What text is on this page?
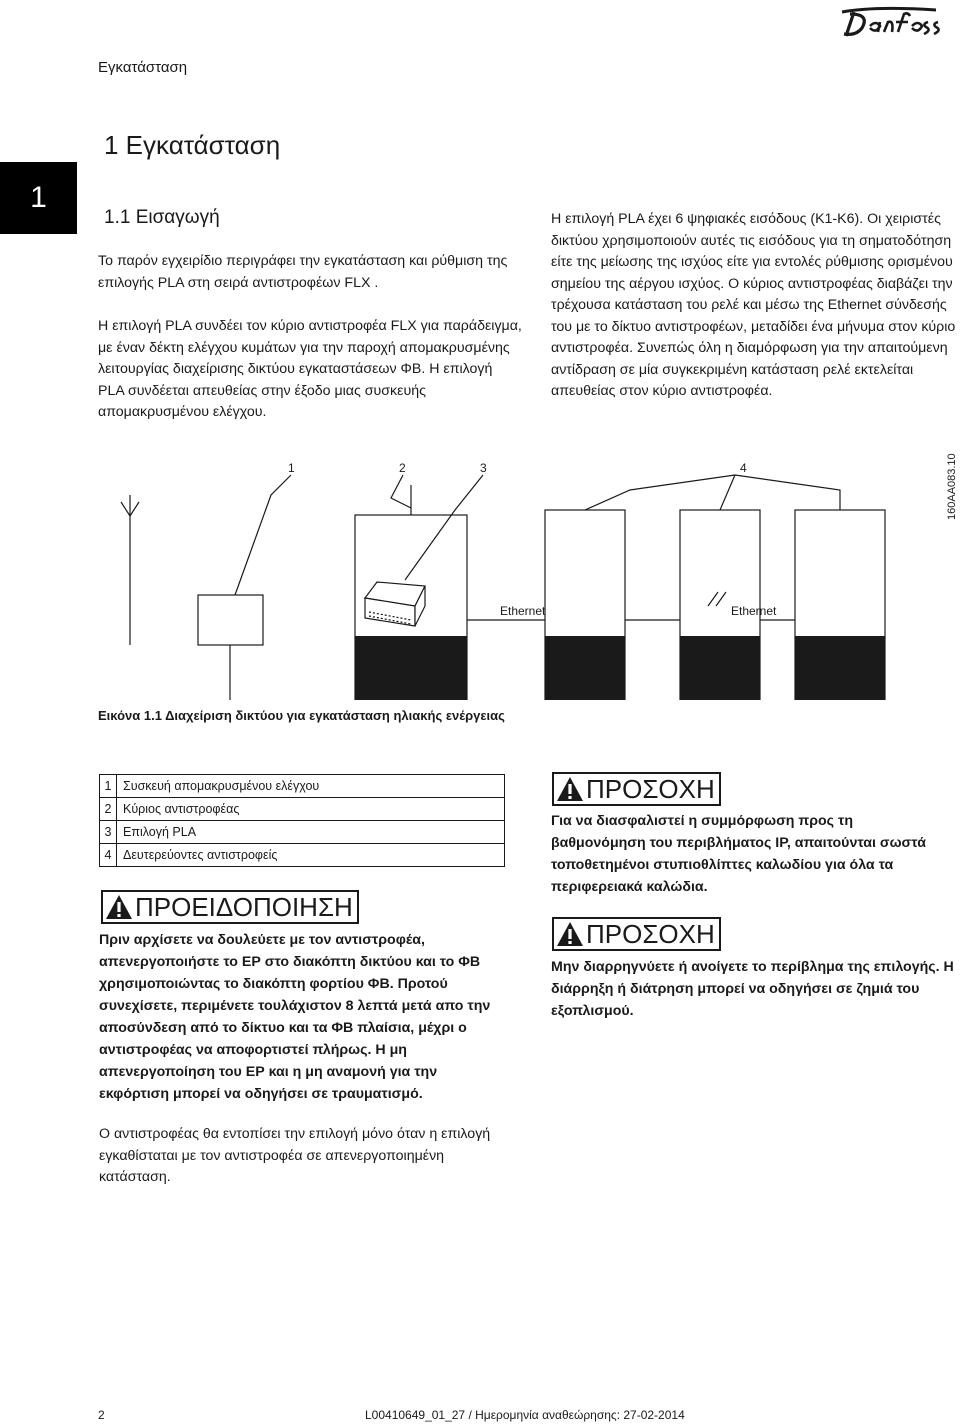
Εγκατάσταση
1
1 Εγκατάσταση
1.1 Εισαγωγή

Το παρόν εγχειρίδιο περιγράφει την εγκατάσταση και ρύθμιση της επιλογής PLA στη σειρά αντιστροφέων FLX .

Η επιλογή PLA συνδέει τον κύριο αντιστροφέα FLX για παράδειγμα, με έναν δέκτη ελέγχου κυμάτων για την παροχή απομακρυσμένης λειτουργίας διαχείρισης δικτύου εγκαταστάσεων ΦΒ. Η επιλογή PLA συνδέεται απευθείας στην έξοδο μιας συσκευής απομακρυσμένου ελέγχου.

Η επιλογή PLA έχει 6 ψηφιακές εισόδους (K1-K6). Οι χειριστές δικτύου χρησιμοποιούν αυτές τις εισόδους για τη σηματοδότηση είτε της μείωσης της ισχύος είτε για εντολές ρύθμισης ορισμένου σημείου της αέργου ισχύος. Ο κύριος αντιστροφέας διαβάζει την τρέχουσα κατάσταση του ρελέ και μέσω της Ethernet σύνδεσής του με το δίκτυο αντιστροφέων, μεταδίδει ένα μήνυμα στον κύριο αντιστροφέα. Συνεπώς όλη η διαμόρφωση για την απαιτούμενη αντίδραση σε μία συγκεκριμένη κατάσταση ρελέ εκτελείται απευθείας στον κύριο αντιστροφέα.

1	2	3	4
Ethernet	Ethernet
160AA083.10
Εικόνα 1.1 Διαχείριση δικτύου για εγκατάσταση ηλιακής ενέργειας
1	Συσκευή απομακρυσμένου ελέγχου
2	Κύριος αντιστροφέας
3	Επιλογή PLA
4	Δευτερεύοντες αντιστροφείς
ΠΡΟΕΙΔΟΠΟΙΗΣΗ

Πριν αρχίσετε να δουλεύετε με τον αντιστροφέα, απενεργοποιήστε το ΕΡ στο διακόπτη δικτύου και το ΦΒ χρησιμοποιώντας το διακόπτη φορτίου ΦΒ. Προτού συνεχίσετε, περιμένετε τουλάχιστον 8 λεπτά μετά απο την αποσύνδεση από το δίκτυο και τα ΦΒ πλαίσια, μέχρι ο αντιστροφέας να αποφορτιστεί πλήρως. Η μη απενεργοποίηση του ΕΡ και η μη αναμονή για την εκφόρτιση μπορεί να οδηγήσει σε τραυματισμό.

ΠΡΟΣΟΧΗ

Για να διασφαλιστεί η συμμόρφωση προς τη βαθμονόμηση του περιβλήματος IP, απαιτούνται σωστά τοποθετημένοι στυπιοθλίπτες καλωδίου για όλα τα περιφερειακά καλώδια.

ΠΡΟΣΟΧΗ

Μην διαρρηγνύετε ή ανοίγετε το περίβλημα της επιλογής. Η διάρρηξη ή διάτρηση μπορεί να οδηγήσει σε ζημιά του εξοπλισμού.

Ο αντιστροφέας θα εντοπίσει την επιλογή μόνο όταν η επιλογή εγκαθίσταται με τον αντιστροφέα σε απενεργοποιημένη κατάσταση.

2	L00410649_01_27 / Ημερομηνία αναθεώρησης: 27-02-2014
